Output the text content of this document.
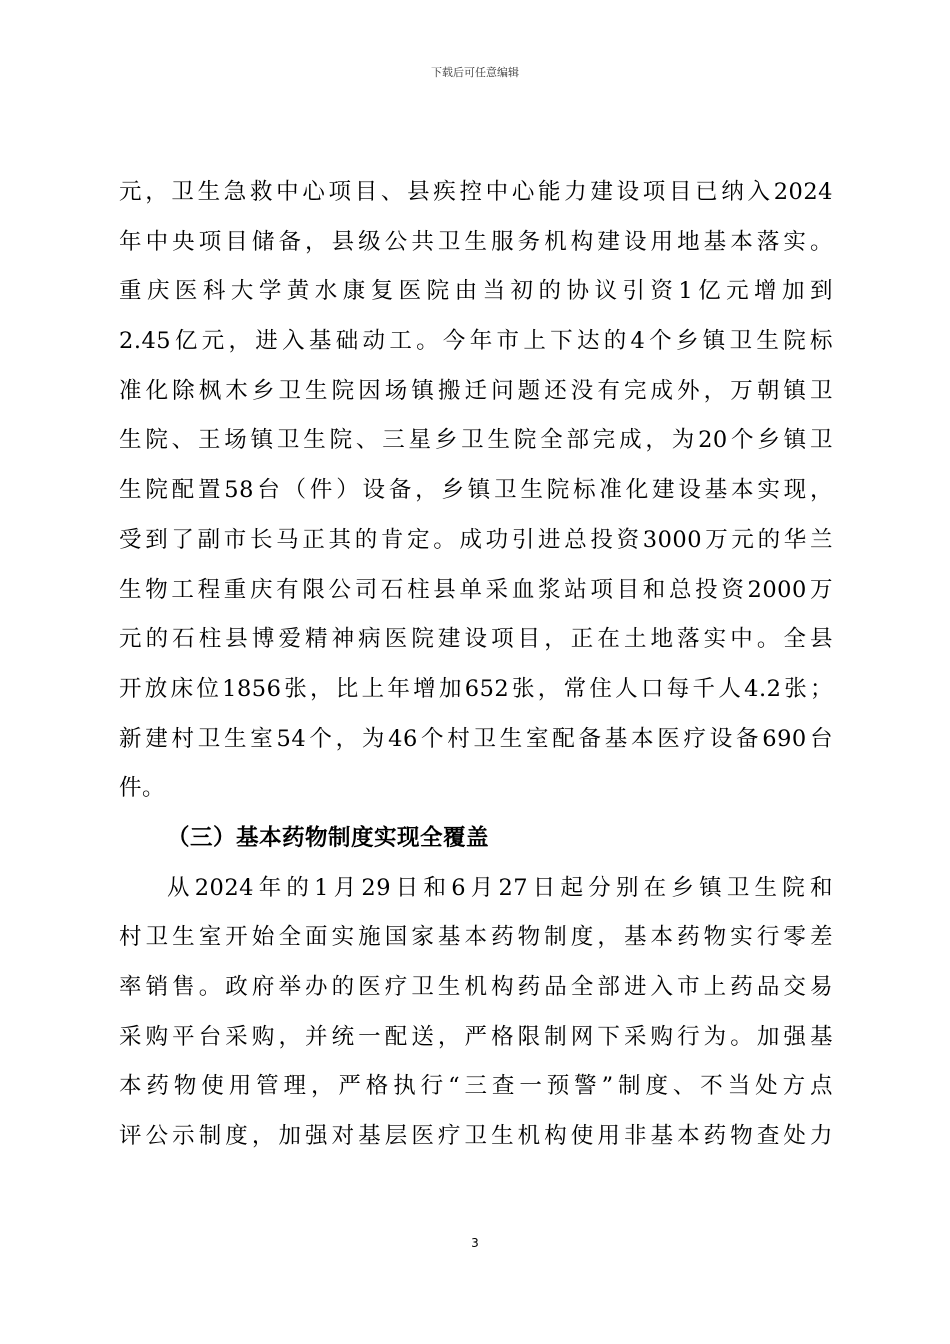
下载后可任意编辑
元，卫生急救中心项目、县疾控中心能力建设项目已纳入2024
年中央项目储备，县级公共卫生服务机构建设用地基本落实。
重庆医科大学黄水康复医院由当初的协议引资1亿元增加到
2.45亿元，进入基础动工。今年市上下达的4个乡镇卫生院标
准化除枫木乡卫生院因场镇搬迁问题还没有完成外，万朝镇卫
生院、王场镇卫生院、三星乡卫生院全部完成，为20个乡镇卫
生院配置58台（件）设备，乡镇卫生院标准化建设基本实现，
受到了副市长马正其的肯定。成功引进总投资3000万元的华兰
生物工程重庆有限公司石柱县单采血浆站项目和总投资2000万
元的石柱县博爱精神病医院建设项目，正在土地落实中。全县
开放床位1856张，比上年增加652张，常住人口每千人4.2张；
新建村卫生室54个，为46个村卫生室配备基本医疗设备690台
件。
（三）基本药物制度实现全覆盖
从2024年的1月29日和6月27日起分别在乡镇卫生院和
村卫生室开始全面实施国家基本药物制度，基本药物实行零差
率销售。政府举办的医疗卫生机构药品全部进入市上药品交易
采购平台采购，并统一配送，严格限制网下采购行为。加强基
本药物使用管理，严格执行“三查一预警”制度、不当处方点
评公示制度，加强对基层医疗卫生机构使用非基本药物查处力
3
